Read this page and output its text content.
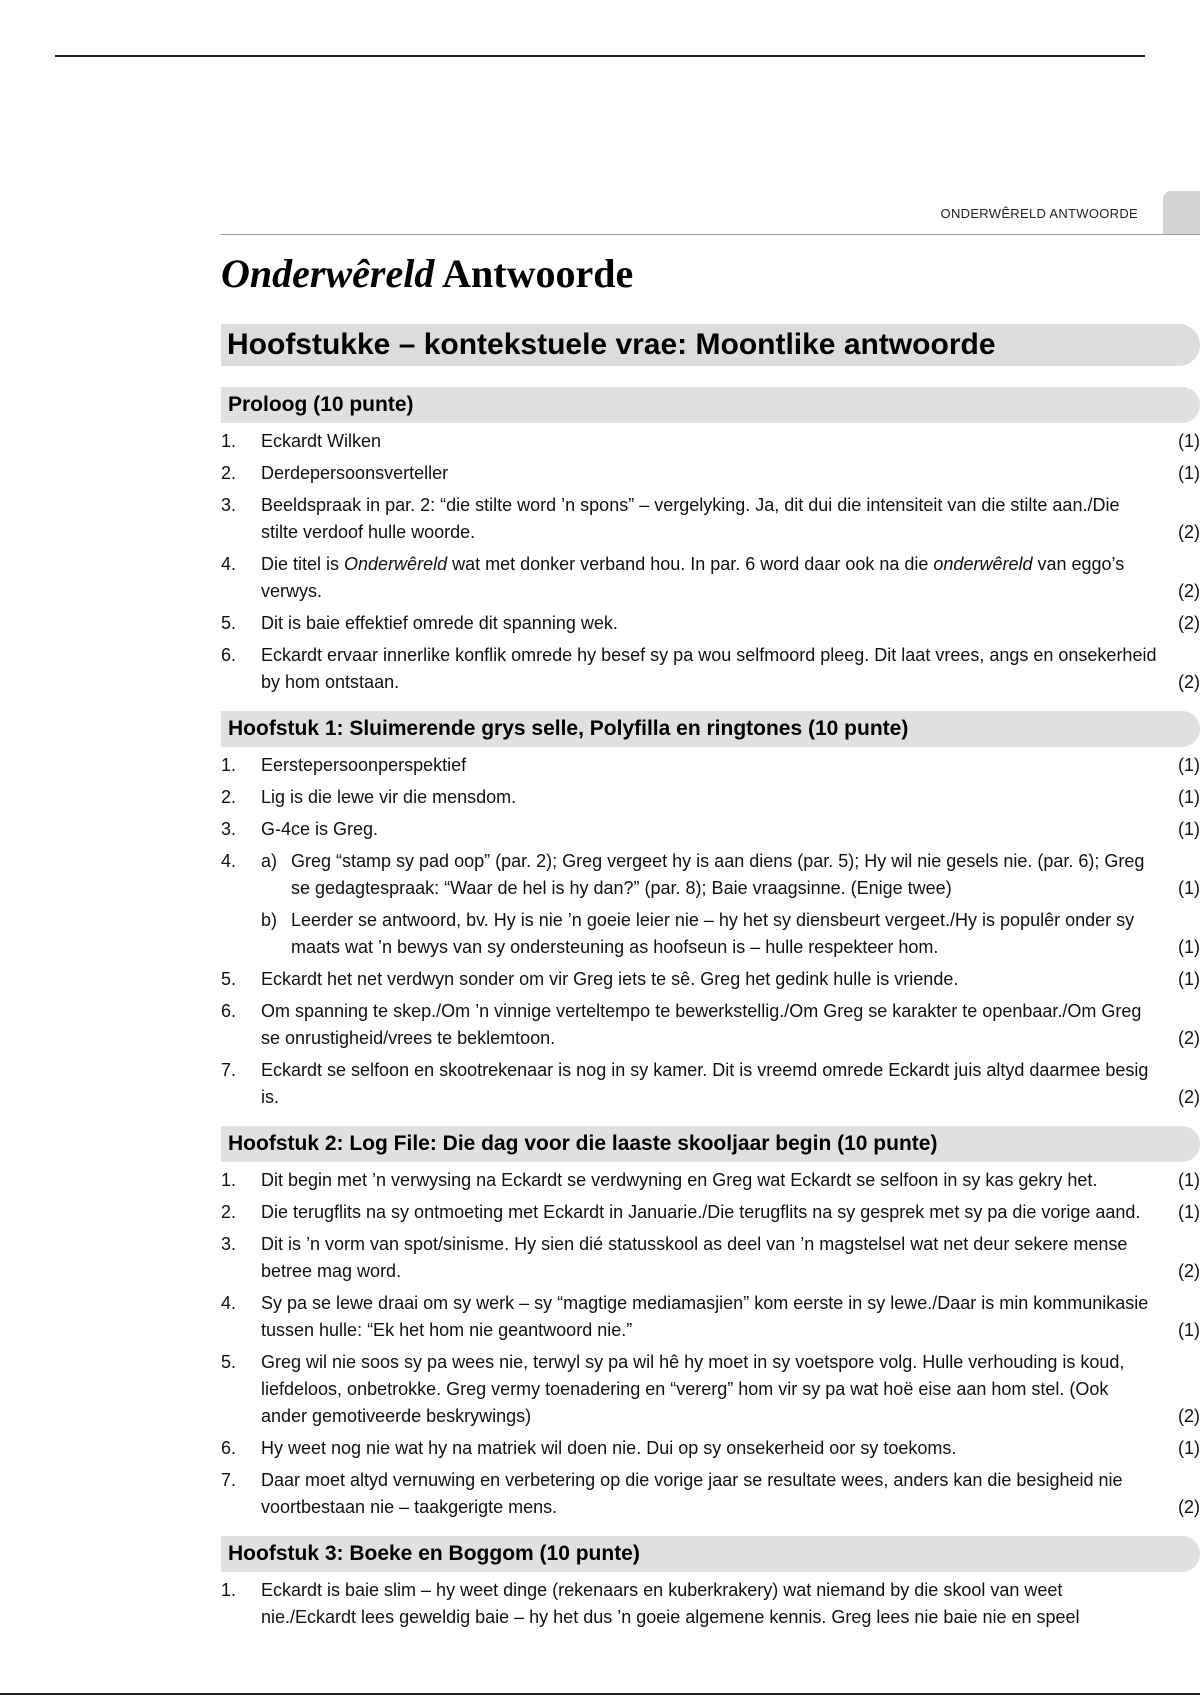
ONDERWÊRELD ANTWOORDE
Onderwêreld Antwoorde
Hoofstukke – kontekstuele vrae: Moontlike antwoorde
Proloog (10 punte)
1. Eckardt Wilken	(1)
2. Derdepersoonsverteller	(1)
3. Beeldspraak in par. 2: “die stilte word ’n spons” – vergelyking. Ja, dit dui die intensiteit van die stilte aan./Die stilte verdoof hulle woorde.	(2)
4. Die titel is Onderwêreld wat met donker verband hou. In par. 6 word daar ook na die onderwêreld van eggo’s verwys.	(2)
5. Dit is baie effektief omrede dit spanning wek.	(2)
6. Eckardt ervaar innerlike konflik omrede hy besef sy pa wou selfmoord pleeg. Dit laat vrees, angs en onsekerheid by hom ontstaan.	(2)
Hoofstuk 1: Sluimerende grys selle, Polyfilla en ringtones (10 punte)
1. Eerstepersoonperspektief	(1)
2. Lig is die lewe vir die mensdom.	(1)
3. G-4ce is Greg.	(1)
4. a) Greg “stamp sy pad oop” (par. 2); Greg vergeet hy is aan diens (par. 5); Hy wil nie gesels nie. (par. 6); Greg se gedagtespraak: “Waar de hel is hy dan?” (par. 8); Baie vraagsinne. (Enige twee)	(1)
b) Leerder se antwoord, bv. Hy is nie ’n goeie leier nie – hy het sy diensbeurt vergeet./Hy is populêr onder sy maats wat ’n bewys van sy ondersteuning as hoofseun is – hulle respekteer hom.	(1)
5. Eckardt het net verdwyn sonder om vir Greg iets te sê. Greg het gedink hulle is vriende.	(1)
6. Om spanning te skep./Om ’n vinnige verteltempo te bewerkstellig./Om Greg se karakter te openbaar./Om Greg se onrustigheid/vrees te beklemtoon.	(2)
7. Eckardt se selfoon en skootrekenaar is nog in sy kamer. Dit is vreemd omrede Eckardt juis altyd daarmee besig is.	(2)
Hoofstuk 2: Log File: Die dag voor die laaste skooljaar begin (10 punte)
1. Dit begin met ’n verwysing na Eckardt se verdwyning en Greg wat Eckardt se selfoon in sy kas gekry het.	(1)
2. Die terugflits na sy ontmoeting met Eckardt in Januarie./Die terugflits na sy gesprek met sy pa die vorige aand. (1)
3. Dit is ’n vorm van spot/sinisme. Hy sien dié statusskool as deel van ’n magstelsel wat net deur sekere mense betree mag word.	(2)
4. Sy pa se lewe draai om sy werk – sy “magtige mediamasjien” kom eerste in sy lewe./Daar is min kommunikasie tussen hulle: “Ek het hom nie geantwoord nie.”	(1)
5. Greg wil nie soos sy pa wees nie, terwyl sy pa wil hê hy moet in sy voetspore volg. Hulle verhouding is koud, liefdeloos, onbetrokke. Greg vermy toenadering en “vererg” hom vir sy pa wat hoë eise aan hom stel. (Ook ander gemotiveerde beskrywings)	(2)
6. Hy weet nog nie wat hy na matriek wil doen nie. Dui op sy onsekerheid oor sy toekoms.	(1)
7. Daar moet altyd vernuwing en verbetering op die vorige jaar se resultate wees, anders kan die besigheid nie voortbestaan nie – taakgerigte mens.	(2)
Hoofstuk 3: Boeke en Boggom (10 punte)
1. Eckardt is baie slim – hy weet dinge (rekenaars en kuberkrakery) wat niemand by die skool van weet nie./Eckardt lees geweldig baie – hy het dus ’n goeie algemene kennis. Greg lees nie baie nie en speel
